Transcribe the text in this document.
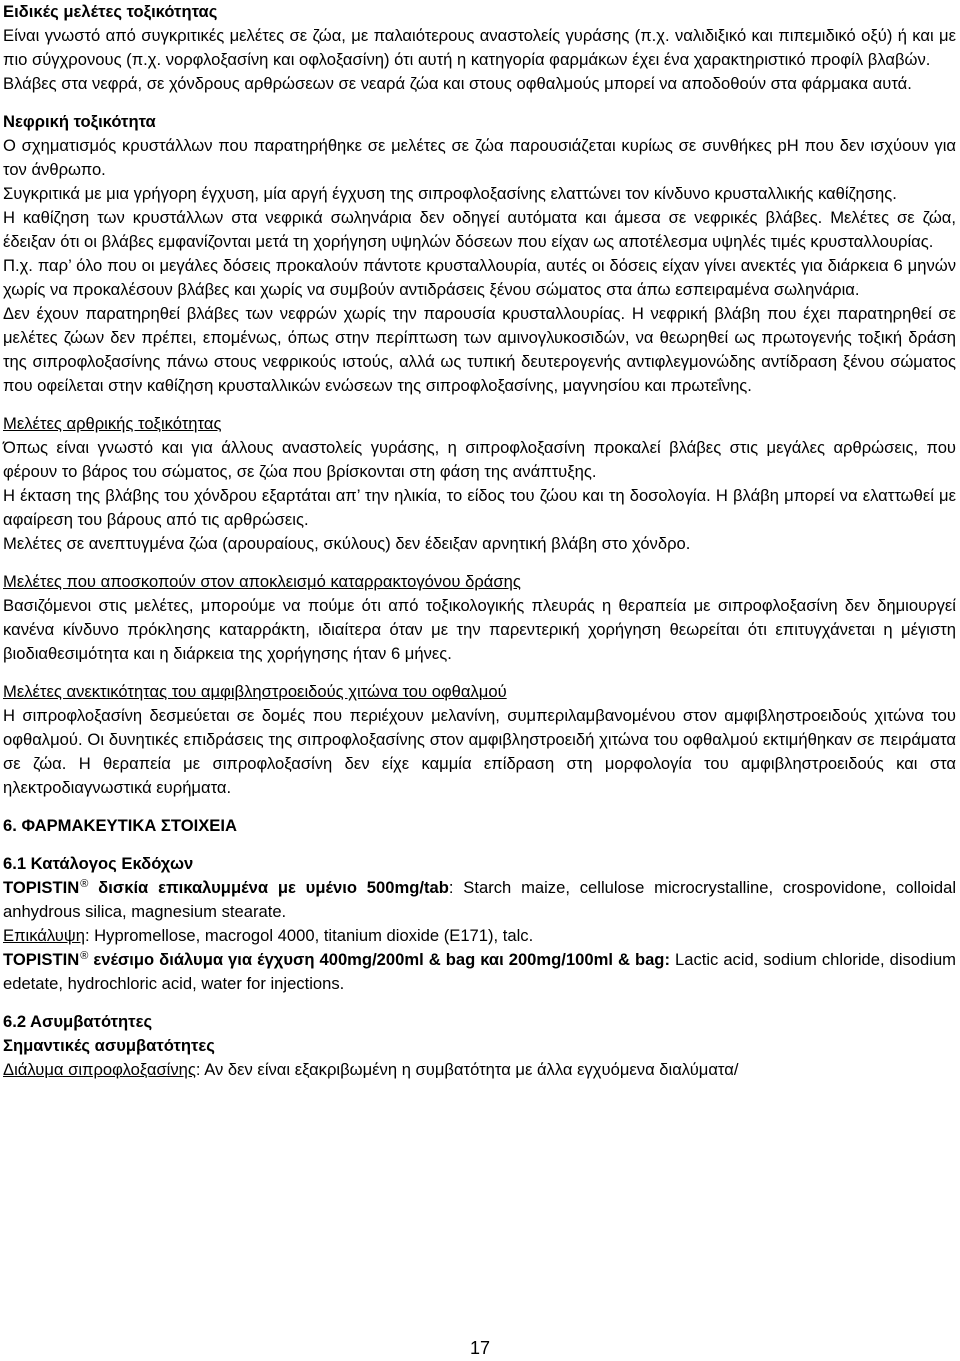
Ειδικές μελέτες τοξικότητας

Είναι γνωστό από συγκριτικές μελέτες σε ζώα, με παλαιότερους αναστολείς γυράσης (π.χ. ναλιδιξικό και πιπεμιδικό οξύ) ή και με πιο σύγχρονους (π.χ. νορφλοξασίνη και οφλοξασίνη) ότι αυτή η κατηγορία φαρμάκων έχει ένα χαρακτηριστικό προφίλ βλαβών.

Βλάβες στα νεφρά, σε χόνδρους αρθρώσεων σε νεαρά ζώα και στους οφθαλμούς μπορεί να αποδοθούν στα φάρμακα αυτά.

Νεφρική τοξικότητα

Ο σχηματισμός κρυστάλλων που παρατηρήθηκε σε μελέτες σε ζώα παρουσιάζεται κυρίως σε συνθήκες pH που δεν ισχύουν για τον άνθρωπο.

Συγκριτικά με μια γρήγορη έγχυση, μία αργή έγχυση της σιπροφλοξασίνης ελαττώνει τον κίνδυνο κρυσταλλικής καθίζησης.

Η καθίζηση των κρυστάλλων στα νεφρικά σωληνάρια δεν οδηγεί αυτόματα και άμεσα σε νεφρικές βλάβες. Μελέτες σε ζώα, έδειξαν ότι οι βλάβες εμφανίζονται μετά τη χορήγηση υψηλών δόσεων που είχαν ως αποτέλεσμα υψηλές τιμές κρυσταλλουρίας.

Π.χ. παρ’ όλο που οι μεγάλες δόσεις προκαλούν πάντοτε κρυσταλλουρία, αυτές οι δόσεις είχαν γίνει ανεκτές για διάρκεια 6 μηνών χωρίς να προκαλέσουν βλάβες και χωρίς να συμβούν αντιδράσεις ξένου σώματος στα άπω εσπειραμένα σωληνάρια.

Δεν έχουν παρατηρηθεί βλάβες των νεφρών χωρίς την παρουσία κρυσταλλουρίας. Η νεφρική βλάβη που έχει παρατηρηθεί σε μελέτες ζώων δεν πρέπει, επομένως, όπως στην περίπτωση των αμινογλυκοσιδών, να θεωρηθεί ως πρωτογενής τοξική δράση της σιπροφλοξασίνης πάνω στους νεφρικούς ιστούς, αλλά ως τυπική δευτερογενής αντιφλεγμονώδης αντίδραση ξένου σώματος που οφείλεται στην καθίζηση κρυσταλλικών ενώσεων της σιπροφλοξασίνης, μαγνησίου και πρωτεΐνης.

Μελέτες αρθρικής τοξικότητας

Όπως είναι γνωστό και για άλλους αναστολείς γυράσης, η σιπροφλοξασίνη προκαλεί βλάβες στις μεγάλες αρθρώσεις, που φέρουν το βάρος του σώματος, σε ζώα που βρίσκονται στη φάση της ανάπτυξης.

Η έκταση της βλάβης του χόνδρου εξαρτάται απ’ την ηλικία, το είδος του ζώου και τη δοσολογία. Η βλάβη μπορεί να ελαττωθεί με αφαίρεση του βάρους από τις αρθρώσεις.

Μελέτες σε ανεπτυγμένα ζώα (αρουραίους, σκύλους) δεν έδειξαν αρνητική βλάβη στο χόνδρο.

Μελέτες που αποσκοπούν στον αποκλεισμό καταρρακτογόνου δράσης

Βασιζόμενοι στις μελέτες, μπορούμε να πούμε ότι από τοξικολογικής πλευράς η θεραπεία με σιπροφλοξασίνη δεν δημιουργεί κανένα κίνδυνο πρόκλησης καταρράκτη, ιδιαίτερα όταν με την παρεντερική χορήγηση θεωρείται ότι επιτυγχάνεται η μέγιστη βιοδιαθεσιμότητα και η διάρκεια της χορήγησης ήταν 6 μήνες.

Μελέτες ανεκτικότητας του αμφιβληστροειδούς χιτώνα του οφθαλμού

Η σιπροφλοξασίνη δεσμεύεται σε δομές που περιέχουν μελανίνη, συμπεριλαμβανομένου στον αμφιβληστροειδούς χιτώνα του οφθαλμού. Οι δυνητικές επιδράσεις της σιπροφλοξασίνης στον αμφιβληστροειδή χιτώνα του οφθαλμού εκτιμήθηκαν σε πειράματα σε ζώα. Η θεραπεία με σιπροφλοξασίνη δεν είχε καμμία επίδραση στη μορφολογία του αμφιβληστροειδούς και στα ηλεκτροδιαγνωστικά ευρήματα.

6. ΦΑΡΜΑΚΕΥΤΙΚΑ ΣΤΟΙΧΕΙΑ

6.1 Κατάλογος Εκδόχων

TOPISTIN® δισκία επικαλυμμένα με υμένιο 500mg/tab: Starch maize, cellulose microcrystalline, crospovidone, colloidal anhydrous silica, magnesium stearate.

Επικάλυψη: Hypromellose, macrogol 4000, titanium dioxide (E171), talc.

TOPISTIN® ενέσιμο διάλυμα για έγχυση 400mg/200ml & bag και 200mg/100ml & bag: Lactic acid, sodium chloride, disodium edetate, hydrochloric acid, water for injections.

6.2 Ασυμβατότητες

Σημαντικές ασυμβατότητες

Διάλυμα σιπροφλοξασίνης: Αν δεν είναι εξακριβωμένη η συμβατότητα με άλλα εγχυόμενα διαλύματα/

17
